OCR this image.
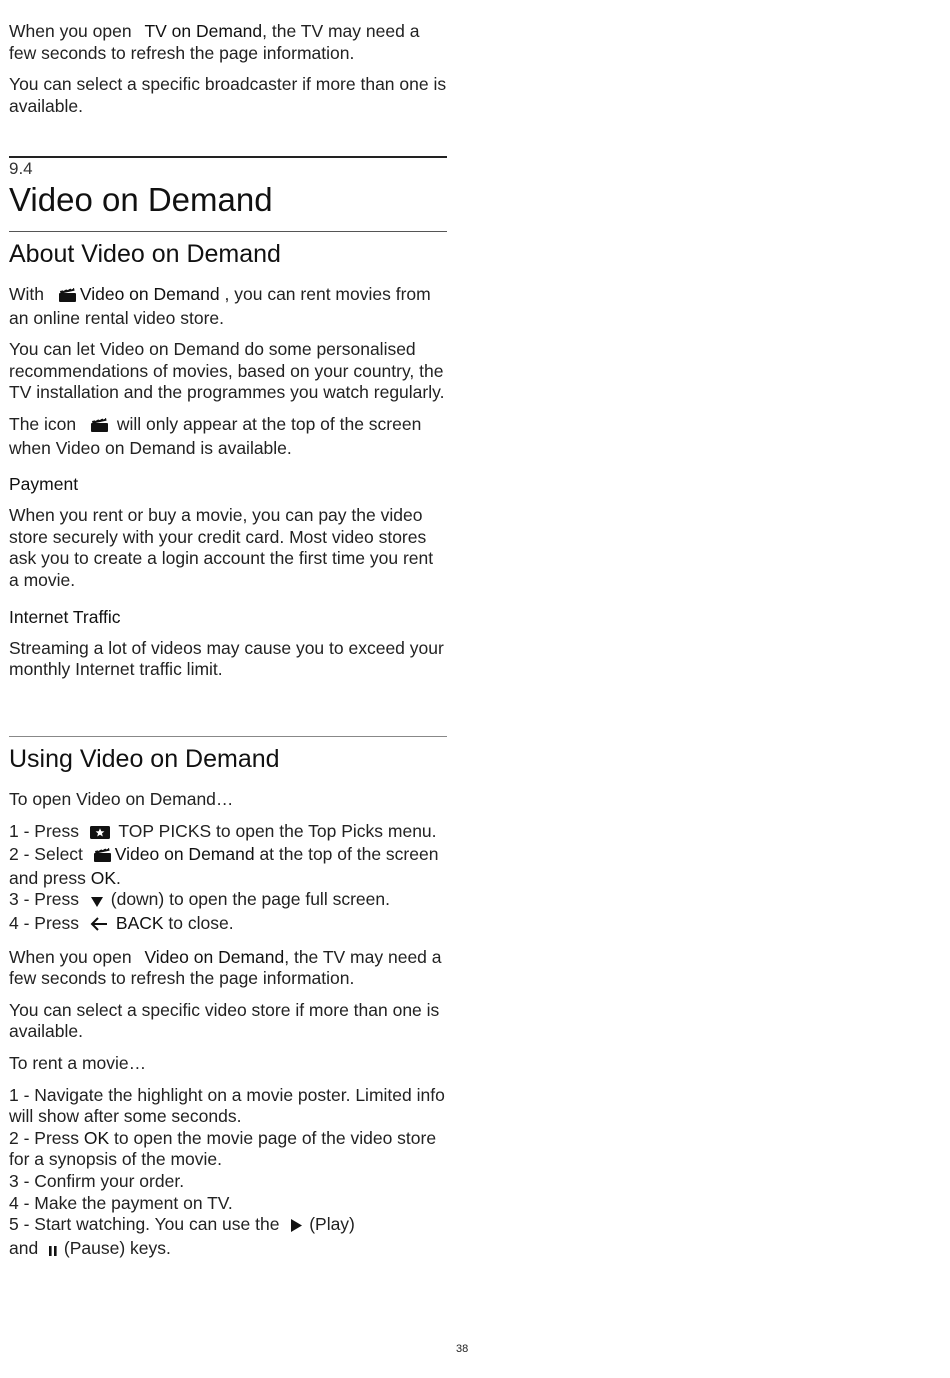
When you open TV on Demand, the TV may need a few seconds to refresh the page information.

You can select a specific broadcaster if more than one is available.

9.4
Video on Demand
About Video on Demand

With Video on Demand , you can rent movies from an online rental video store.

You can let Video on Demand do some personalised recommendations of movies, based on your country, the TV installation and the programmes you watch regularly.

The icon  will only appear at the top of the screen when Video on Demand is available.

Payment

When you rent or buy a movie, you can pay the video store securely with your credit card. Most video stores ask you to create a login account the first time you rent a movie.

Internet Traffic

Streaming a lot of videos may cause you to exceed your monthly Internet traffic limit.

Using Video on Demand

To open Video on Demand…

1 - Press  TOP PICKS to open the Top Picks menu.

2 - Select Video on Demand at the top of the screen and press OK.

3 - Press  (down) to open the page full screen.

4 - Press BACK to close.

When you open Video on Demand, the TV may need a few seconds to refresh the page information.

You can select a specific video store if more than one is available.

To rent a movie…

1 - Navigate the highlight on a movie poster. Limited info will show after some seconds.

2 - Press OK to open the movie page of the video store for a synopsis of the movie.

3 - Confirm your order.

4 - Make the payment on TV.

5 - Start watching. You can use the  (Play)

and  (Pause) keys.

38
